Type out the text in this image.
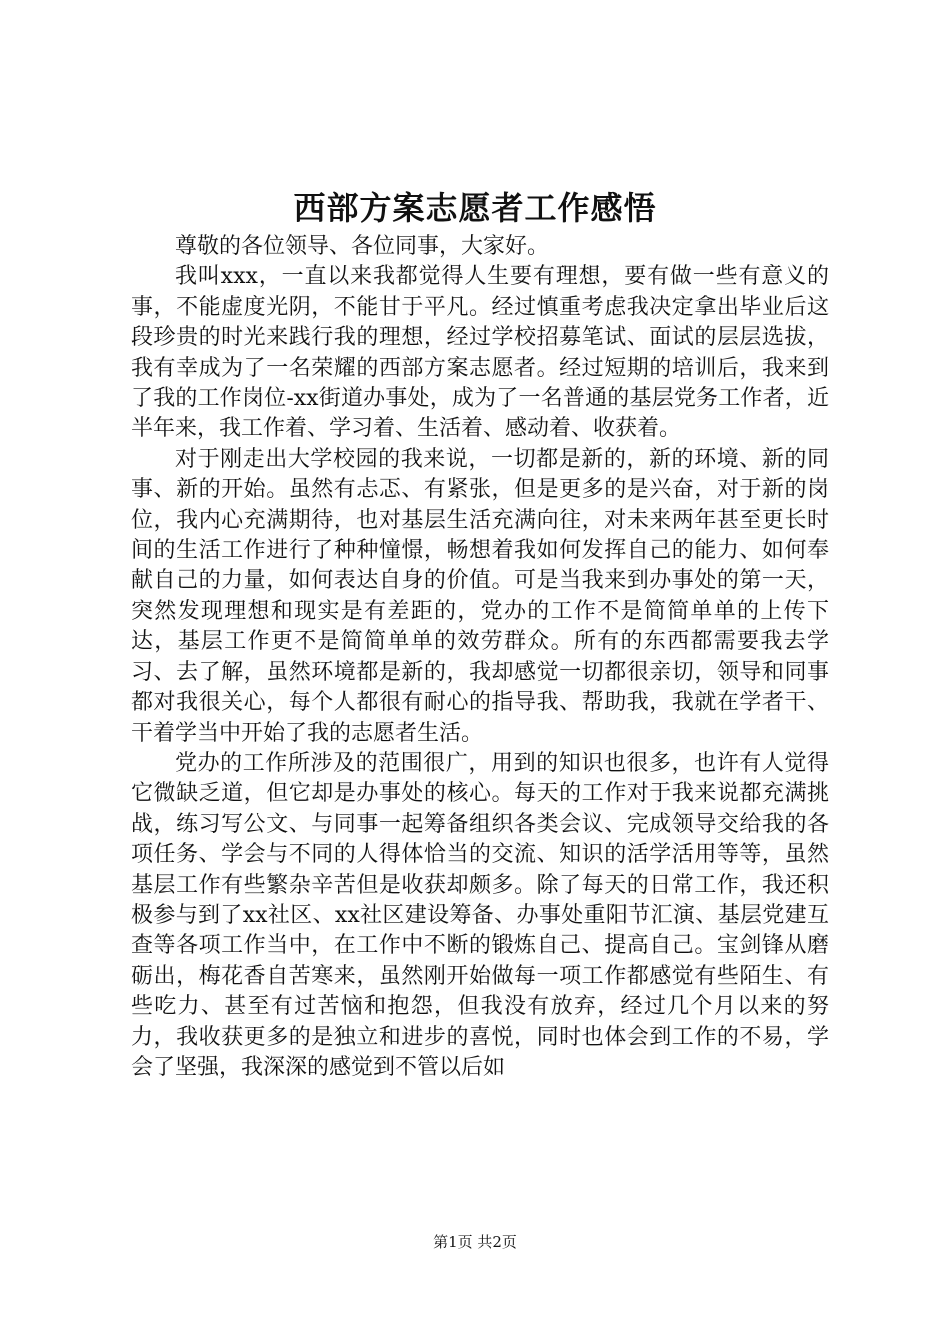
西部方案志愿者工作感悟

尊敬的各位领导、各位同事，大家好。

我叫xxx，一直以来我都觉得人生要有理想，要有做一些有意义的事，不能虚度光阴，不能甘于平凡。经过慎重考虑我决定拿出毕业后这段珍贵的时光来践行我的理想，经过学校招募笔试、面试的层层选拔，我有幸成为了一名荣耀的西部方案志愿者。经过短期的培训后，我来到了我的工作岗位-xx街道办事处，成为了一名普通的基层党务工作者，近半年来，我工作着、学习着、生活着、感动着、收获着。

对于刚走出大学校园的我来说，一切都是新的，新的环境、新的同事、新的开始。虽然有忐忑、有紧张，但是更多的是兴奋，对于新的岗位，我内心充满期待，也对基层生活充满向往，对未来两年甚至更长时间的生活工作进行了种种憧憬，畅想着我如何发挥自己的能力、如何奉献自己的力量，如何表达自身的价值。可是当我来到办事处的第一天，突然发现理想和现实是有差距的，党办的工作不是简简单单的上传下达，基层工作更不是简简单单的效劳群众。所有的东西都需要我去学习、去了解，虽然环境都是新的，我却感觉一切都很亲切，领导和同事都对我很关心，每个人都很有耐心的指导我、帮助我，我就在学者干、干着学当中开始了我的志愿者生活。

党办的工作所涉及的范围很广，用到的知识也很多，也许有人觉得它微缺乏道，但它却是办事处的核心。每天的工作对于我来说都充满挑战，练习写公文、与同事一起筹备组织各类会议、完成领导交给我的各项任务、学会与不同的人得体恰当的交流、知识的活学活用等等，虽然基层工作有些繁杂辛苦但是收获却颇多。除了每天的日常工作，我还积极参与到了xx社区、xx社区建设筹备、办事处重阳节汇演、基层党建互查等各项工作当中，在工作中不断的锻炼自己、提高自己。宝剑锋从磨砺出，梅花香自苦寒来，虽然刚开始做每一项工作都感觉有些陌生、有些吃力、甚至有过苦恼和抱怨，但我没有放弃，经过几个月以来的努力，我收获更多的是独立和进步的喜悦，同时也体会到工作的不易，学会了坚强，我深深的感觉到不管以后如

第1页 共2页
